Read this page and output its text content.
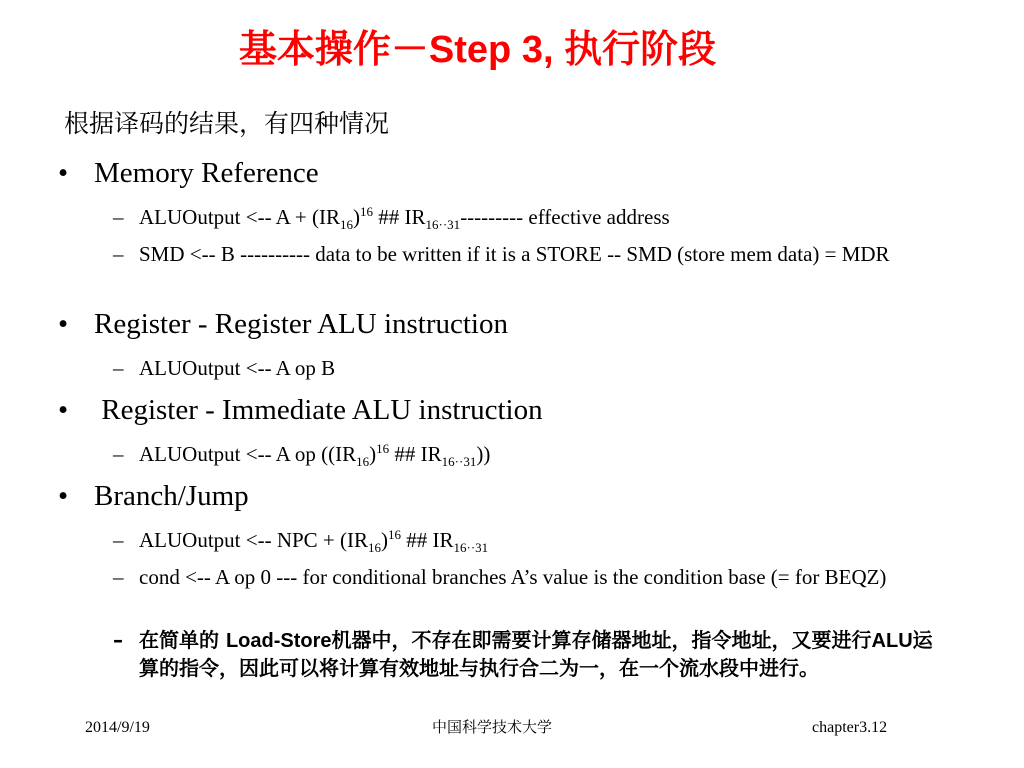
基本操作－Step 3, 执行阶段
根据译码的结果，有四种情况
• Memory Reference
– ALUOutput <-- $A + (IR_{16})^{16}$ ## $IR_{16\cdot\cdot 31}---------$ effective address
– SMD <-- B ---------- data to be written if it is a STORE -- SMD (store mem data) = MDR
• Register - Register ALU instruction
– ALUOutput <-- A op B
• Register - Immediate ALU instruction
– ALUOutput <-- A op ($(IR_{16})^{16}$ ## $IR_{16\cdot\cdot 31}$))
• Branch/Jump
– ALUOutput <-- NPC + $(IR_{16})^{16}$ ## $IR_{16\cdot\cdot 31}$
– cond <-- A op 0 --- for conditional branches A’s value is the condition base (= for BEQZ)
– 在简单的 Load-Store机器中，不存在即需要计算存储器地址，指令地址，又要进行ALU运算的指令，因此可以将计算有效地址与执行合二为一，在一个流水段中进行。
2014/9/19	中国科学技术大学	chapter3.12
